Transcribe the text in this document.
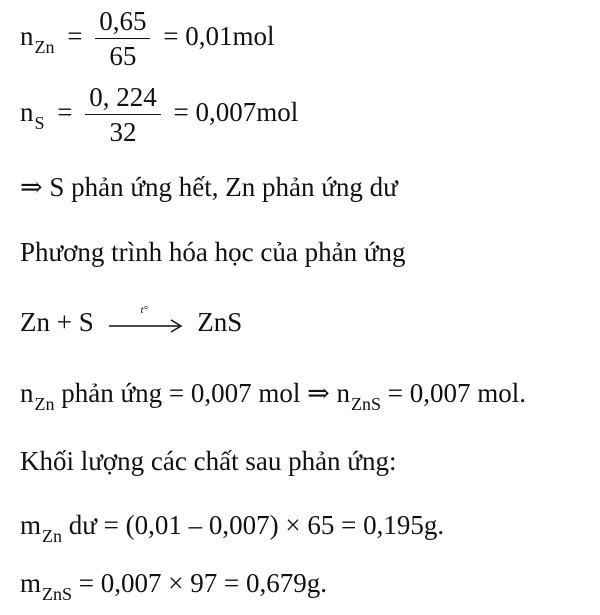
$n_{Zn} = \frac{0,65}{65} = 0,01mol$
$n_S = \frac{0, 224}{32} = 0,007mol$
⇒ S phản ứng hết, Zn phản ứng dư
Phương trình hóa học của phản ứng
Zn + S	t° ZnS
$n_{Zn}$ phản ứng = 0,007 mol ⇒ $n_{ZnS} = 0,007$ mol.
Khối lượng các chất sau phản ứng:
$m_{Zn}$ dư = (0,01 – 0,007) × 65 = 0,195g.
$m_{ZnS} = 0,007 \times 97 = 0,679g$.
